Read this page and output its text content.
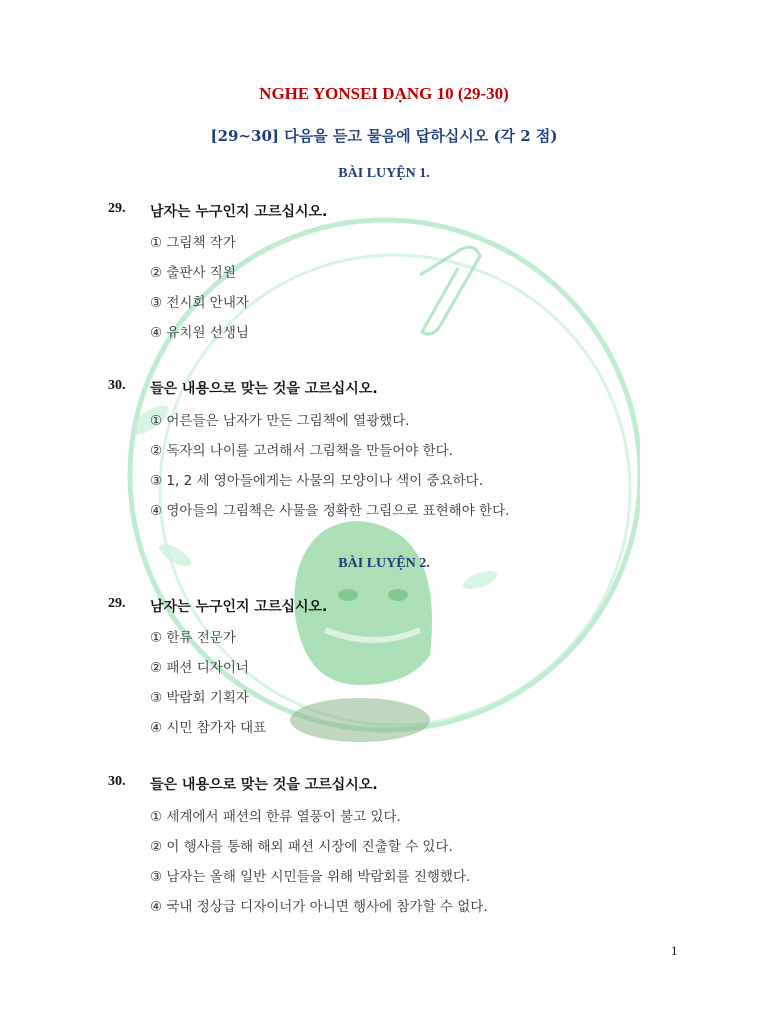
NGHE YONSEI DẠNG 10 (29-30)
[29~30] 다음을 듣고 물음에 답하십시오 (각 2 점)
BÀI LUYỆN 1.
29. 남자는 누구인지 고르십시오.
① 그림책 작가
② 출판사 직원
③ 전시회 안내자
④ 유치원 선생님
30. 들은 내용으로 맞는 것을 고르십시오.
① 어른들은 남자가 만든 그림책에 열광했다.
② 독자의 나이를 고려해서 그림책을 만들어야 한다.
③ 1, 2 세 영아들에게는 사물의 모양이나 색이 중요하다.
④ 영아들의 그림책은 사물을 정확한 그림으로 표현해야 한다.
BÀI LUYỆN 2.
29. 남자는 누구인지 고르십시오.
① 한류 전문가
② 패션 디자이너
③ 박람회 기획자
④ 시민 참가자 대표
30. 들은 내용으로 맞는 것을 고르십시오.
① 세계에서 패션의 한류 열풍이 불고 있다.
② 이 행사를 통해 해외 패션 시장에 진출할 수 있다.
③ 남자는 올해 일반 시민들을 위해 박람회를 진행했다.
④ 국내 정상급 디자이너가 아니면 행사에 참가할 수 없다.
1
